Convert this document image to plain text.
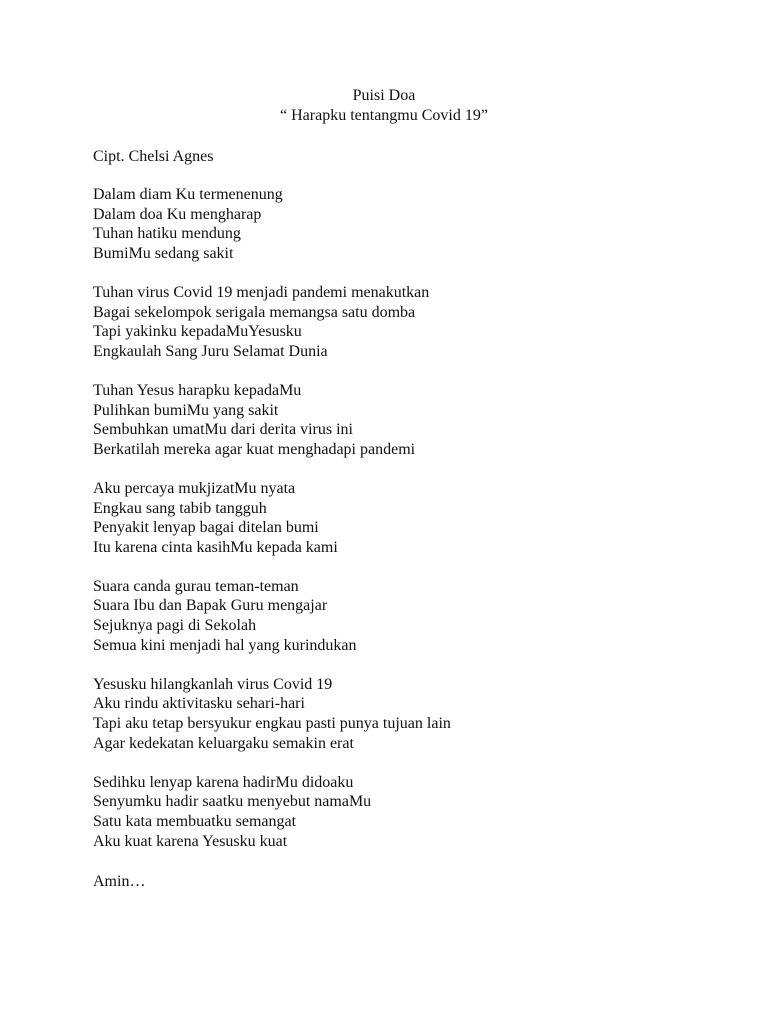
Puisi Doa
“ Harapku tentangmu Covid 19”
Cipt. Chelsi Agnes
Dalam diam Ku termenenung
Dalam doa Ku mengharap
Tuhan hatiku mendung
BumiMu sedang sakit
Tuhan virus Covid 19 menjadi pandemi menakutkan
Bagai sekelompok serigala memangsa satu domba
Tapi yakinku kepadaMuYesusku
Engkaulah Sang Juru Selamat Dunia
Tuhan Yesus harapku kepadaMu
Pulihkan bumiMu yang sakit
Sembuhkan umatMu dari derita virus ini
Berkatilah mereka agar kuat menghadapi pandemi
Aku percaya mukjizatMu nyata
Engkau sang tabib tangguh
Penyakit lenyap bagai ditelan bumi
Itu karena cinta kasihMu kepada kami
Suara canda gurau teman-teman
Suara Ibu dan Bapak Guru mengajar
Sejuknya pagi di Sekolah
Semua kini menjadi hal yang kurindukan
Yesusku hilangkanlah virus Covid 19
Aku rindu aktivitasku sehari-hari
Tapi aku tetap bersyukur engkau pasti punya tujuan lain
Agar kedekatan keluargaku semakin erat
Sedihku lenyap karena hadirMu didoaku
Senyumku hadir saatku menyebut namaMu
Satu kata membuatku semangat
Aku kuat karena Yesusku kuat
Amin…
